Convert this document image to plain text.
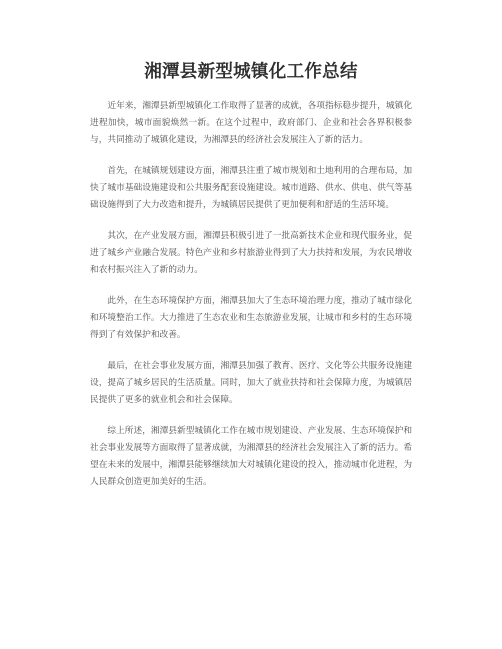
湘潭县新型城镇化工作总结

近年来，湘潭县新型城镇化工作取得了显著的成就，各项指标稳步提升，城镇化进程加快，城市面貌焕然一新。在这个过程中，政府部门、企业和社会各界积极参与，共同推动了城镇化建设，为湘潭县的经济社会发展注入了新的活力。

首先，在城镇规划建设方面，湘潭县注重了城市规划和土地利用的合理布局，加快了城市基础设施建设和公共服务配套设施建设。城市道路、供水、供电、供气等基础设施得到了大力改造和提升，为城镇居民提供了更加便利和舒适的生活环境。

其次，在产业发展方面，湘潭县积极引进了一批高新技术企业和现代服务业，促进了城乡产业融合发展。特色产业和乡村旅游业得到了大力扶持和发展，为农民增收和农村振兴注入了新的动力。

此外，在生态环境保护方面，湘潭县加大了生态环境治理力度，推动了城市绿化和环境整治工作。大力推进了生态农业和生态旅游业发展，让城市和乡村的生态环境得到了有效保护和改善。

最后，在社会事业发展方面，湘潭县加强了教育、医疗、文化等公共服务设施建设，提高了城乡居民的生活质量。同时，加大了就业扶持和社会保障力度，为城镇居民提供了更多的就业机会和社会保障。

综上所述，湘潭县新型城镇化工作在城市规划建设、产业发展、生态环境保护和社会事业发展等方面取得了显著成就，为湘潭县的经济社会发展注入了新的活力。希望在未来的发展中，湘潭县能够继续加大对城镇化建设的投入，推动城市化进程，为人民群众创造更加美好的生活。
